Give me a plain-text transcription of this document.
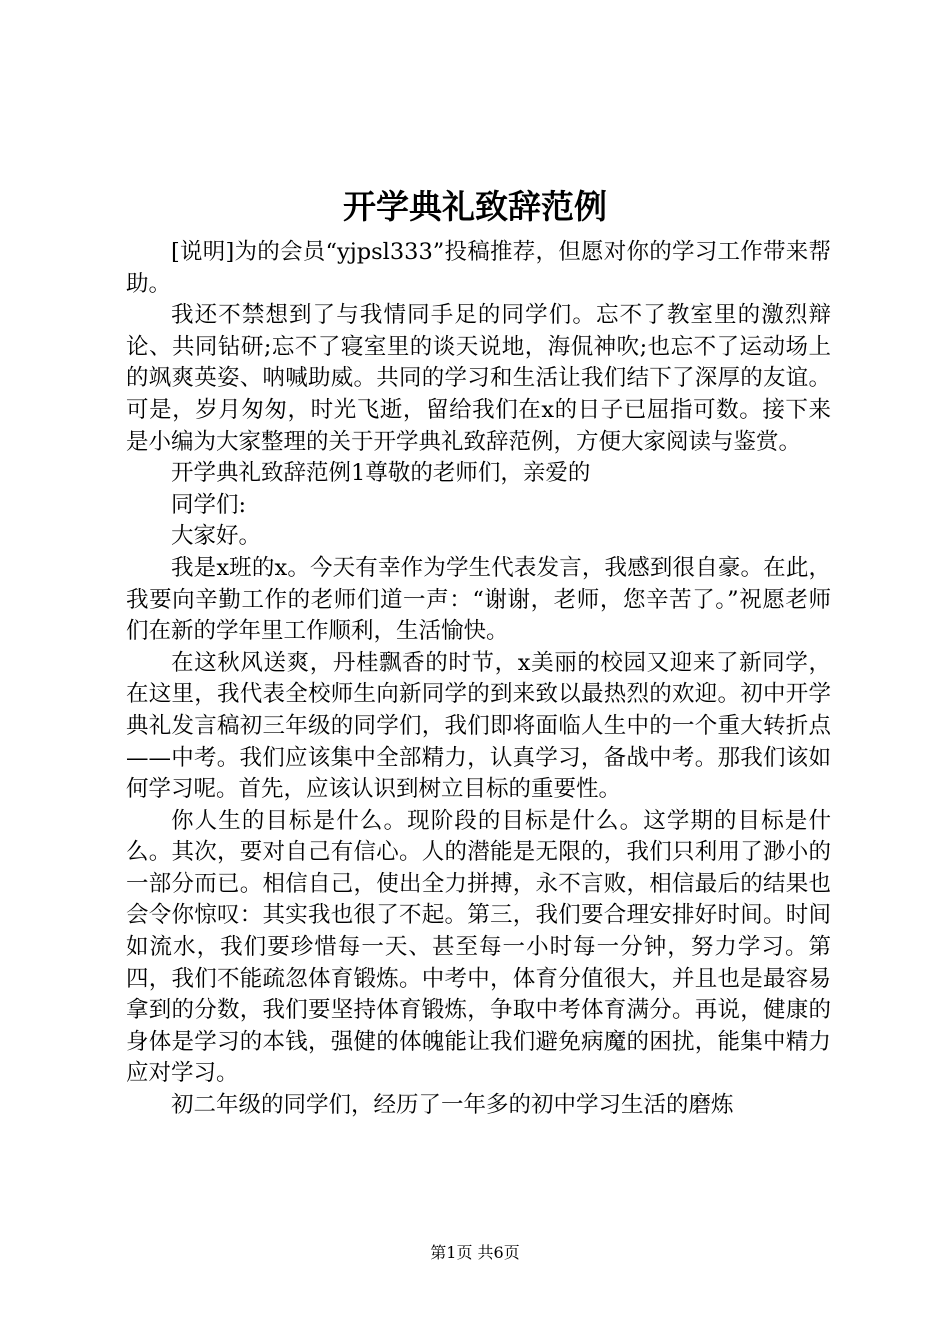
开学典礼致辞范例

[说明]为的会员“yjpsl333”投稿推荐，但愿对你的学习工作带来帮助。

我还不禁想到了与我情同手足的同学们。忘不了教室里的激烈辩论、共同钻研;忘不了寝室里的谈天说地，海侃神吹;也忘不了运动场上的飒爽英姿、呐喊助威。共同的学习和生活让我们结下了深厚的友谊。可是，岁月匆匆，时光飞逝，留给我们在x的日子已屈指可数。接下来是小编为大家整理的关于开学典礼致辞范例，方便大家阅读与鉴赏。

开学典礼致辞范例1尊敬的老师们，亲爱的

同学们:

大家好。

我是x班的x。今天有幸作为学生代表发言，我感到很自豪。在此，我要向辛勤工作的老师们道一声：“谢谢，老师，您辛苦了。”祝愿老师们在新的学年里工作顺利，生活愉快。

在这秋风送爽，丹桂飘香的时节，x美丽的校园又迎来了新同学，在这里，我代表全校师生向新同学的到来致以最热烈的欢迎。初中开学典礼发言稿初三年级的同学们，我们即将面临人生中的一个重大转折点——中考。我们应该集中全部精力，认真学习，备战中考。那我们该如何学习呢。首先，应该认识到树立目标的重要性。

你人生的目标是什么。现阶段的目标是什么。这学期的目标是什么。其次，要对自己有信心。人的潜能是无限的，我们只利用了渺小的一部分而已。相信自己，使出全力拼搏，永不言败，相信最后的结果也会令你惊叹：其实我也很了不起。第三，我们要合理安排好时间。时间如流水，我们要珍惜每一天、甚至每一小时每一分钟，努力学习。第四，我们不能疏忽体育锻炼。中考中，体育分值很大，并且也是最容易拿到的分数，我们要坚持体育锻炼，争取中考体育满分。再说，健康的身体是学习的本钱，强健的体魄能让我们避免病魔的困扰，能集中精力应对学习。

初二年级的同学们，经历了一年多的初中学习生活的磨炼

第1页 共6页
